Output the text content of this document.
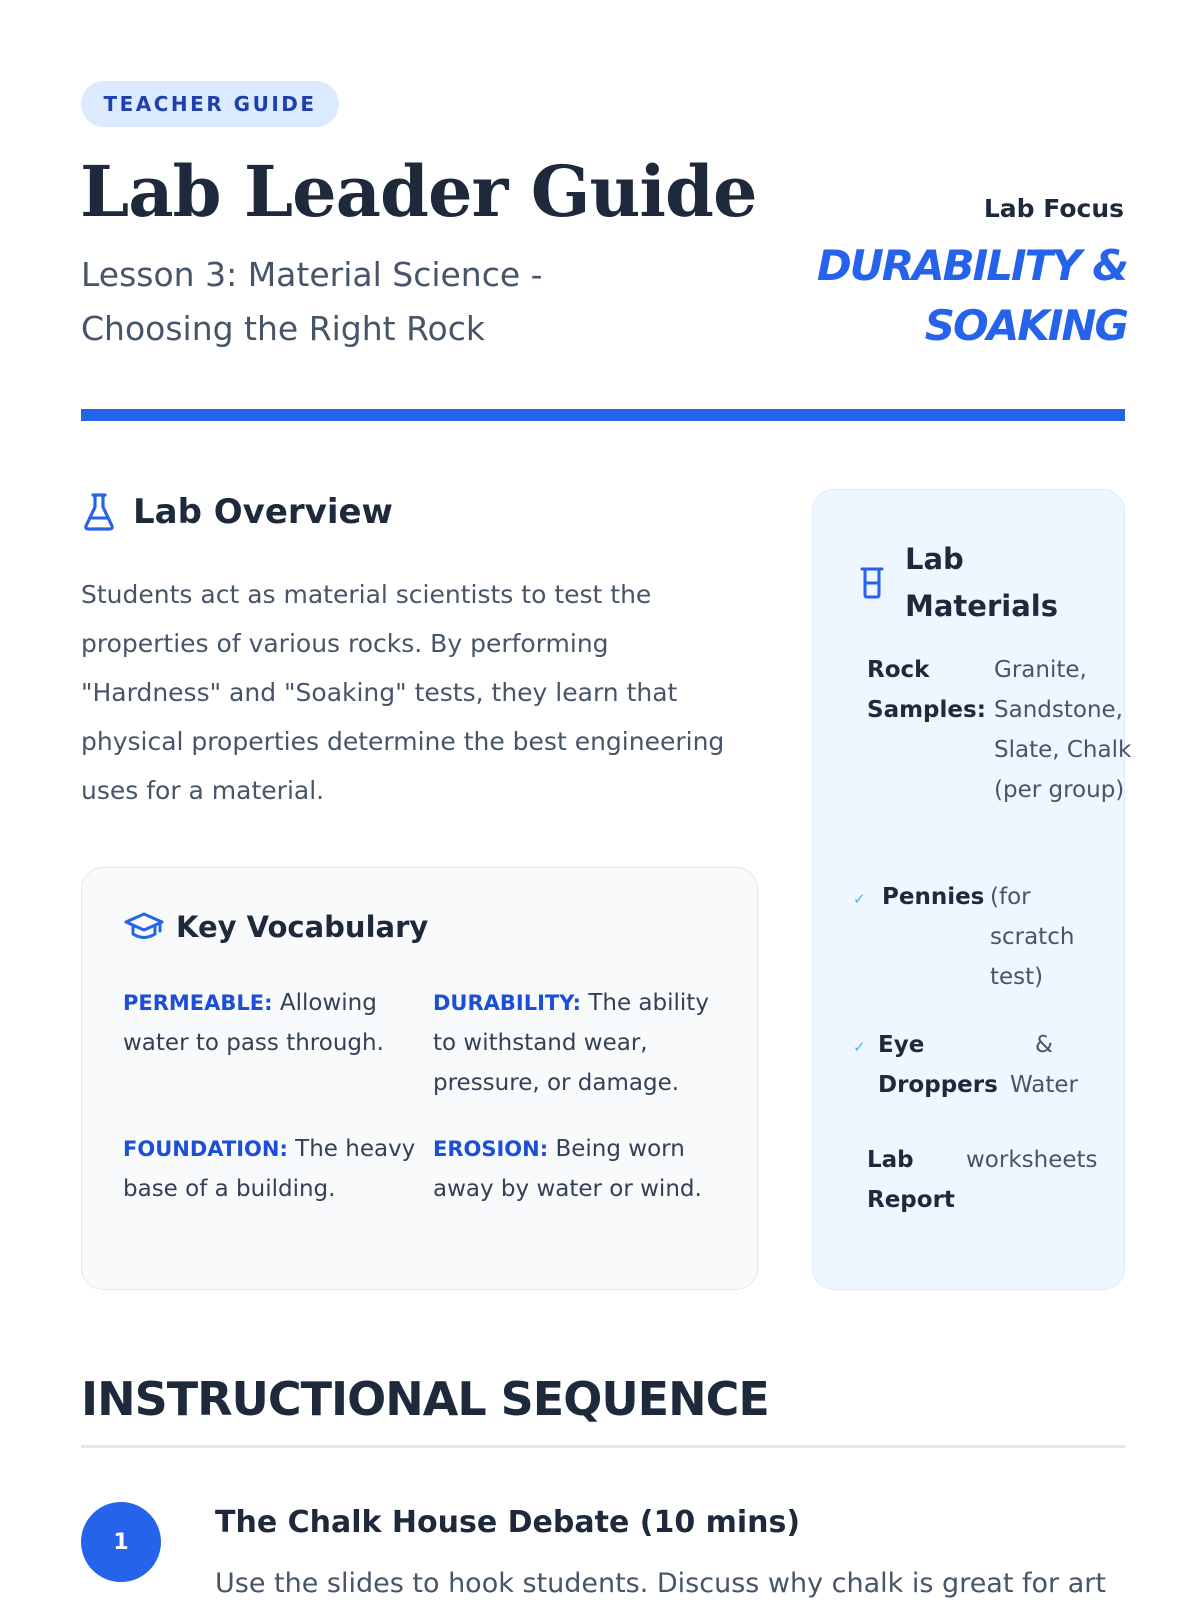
TEACHER GUIDE
Lab Leader Guide
Lesson 3: Material Science - Choosing the Right Rock
Lab Focus
DURABILITY & SOAKING
Lab Overview

Students act as material scientists to test the properties of various rocks. By performing "Hardness" and "Soaking" tests, they learn that physical properties determine the best engineering uses for a material.

Key Vocabulary
PERMEABLE: Allowing water to pass through.
DURABILITY: The ability to withstand wear, pressure, or damage.
FOUNDATION: The heavy base of a building.
EROSION: Being worn away by water or wind.
Lab Materials
Rock Samples:
Granite, Sandstone, Slate, Chalk (per group)
✓ Pennies (for scratch test)
✓ Eye Droppers
& Water
Lab Report
worksheets
INSTRUCTIONAL SEQUENCE
1
The Chalk House Debate (10 mins)
Use the slides to hook students. Discuss why chalk is great for art
